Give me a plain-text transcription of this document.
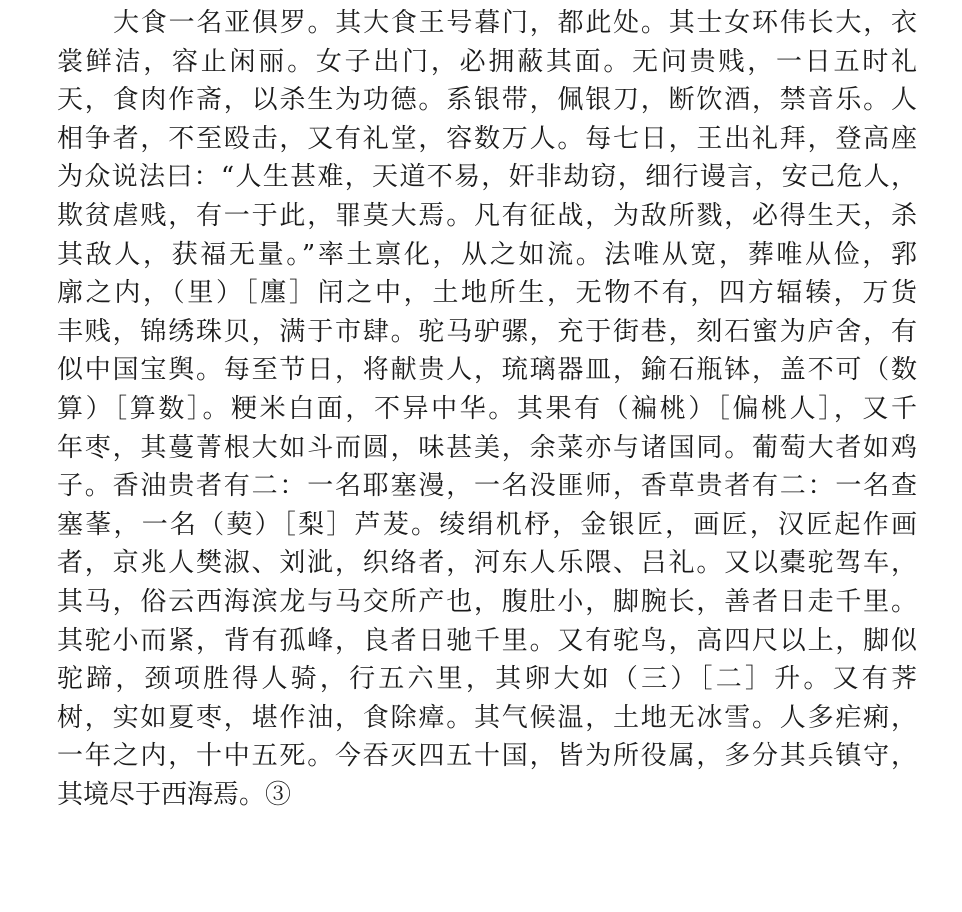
大食一名亚俱罗。其大食王号暮门，都此处。其士女环伟长大，衣
裳鲜洁，容止闲丽。女子出门，必拥蔽其面。无问贵贱，一日五时礼
天，食肉作斋，以杀生为功德。系银带，佩银刀，断饮酒，禁音乐。人
相争者，不至殴击，又有礼堂，容数万人。每七日，王出礼拜，登高座
为众说法曰：“人生甚难，天道不易，奸非劫窃，细行谩言，安己危人，
欺贫虐贱，有一于此，罪莫大焉。凡有征战，为敌所戮，必得生天，杀
其敌人，获福无量。”率土禀化，从之如流。法唯从宽，葬唯从俭，郛
廓之内，（里）［廛］闬之中，土地所生，无物不有，四方辐辏，万货
丰贱，锦绣珠贝，满于市肆。驼马驴骡，充于街巷，刻石蜜为庐舍，有
似中国宝舆。每至节日，将献贵人，琉璃器皿，鍮石瓶钵，盖不可（数
算）［算数］。粳米白面，不异中华。其果有（褊桃）［偏桃人］，又千
年枣，其蔓菁根大如斗而圆，味甚美，余菜亦与诸国同。葡萄大者如鸡
子。香油贵者有二：一名耶塞漫，一名没匪师，香草贵者有二：一名查
塞莑，一名（葜）［梨］芦茇。绫绢机杼，金银匠，画匠，汉匠起作画
者，京兆人樊淑、刘泚，织络者，河东人乐隈、吕礼。又以橐驼驾车，
其马，俗云西海滨龙与马交所产也，腹肚小，脚腕长，善者日走千里。
其驼小而紧，背有孤峰，良者日驰千里。又有驼鸟，高四尺以上，脚似
驼蹄，颈项胜得人骑，行五六里，其卵大如（三）［二］升。又有荠
树，实如夏枣，堪作油，食除瘴。其气候温，土地无冰雪。人多疟痢，
一年之内，十中五死。今吞灭四五十国，皆为所役属，多分其兵镇守，
其境尽于西海焉。③
